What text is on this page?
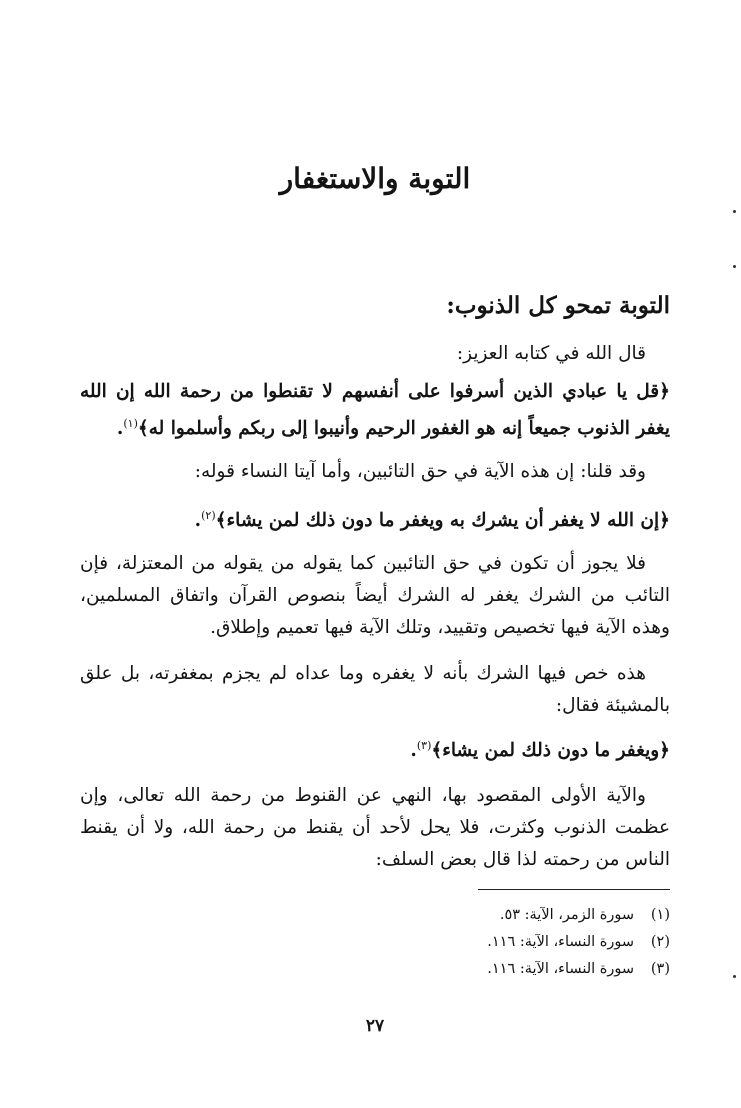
التوبة والاستغفار
التوبة تمحو كل الذنوب:

قال الله في كتابه العزيز:

﴿قل يا عبادي الذين أسرفوا على أنفسهم لا تقنطوا من رحمة الله إن الله يغفر الذنوب جميعاً إنه هو الغفور الرحيم وأنيبوا إلى ربكم وأسلموا له﴾$^{(١)}$.

وقد قلنا: إن هذه الآية في حق التائبين، وأما آيتا النساء قوله:

﴿إن الله لا يغفر أن يشرك به ويغفر ما دون ذلك لمن يشاء﴾$^{(٢)}$.

فلا يجوز أن تكون في حق التائبين كما يقوله من يقوله من المعتزلة، فإن التائب من الشرك يغفر له الشرك أيضاً بنصوص القرآن واتفاق المسلمين، وهذه الآية فيها تخصيص وتقييد، وتلك الآية فيها تعميم وإطلاق.

هذه خص فيها الشرك بأنه لا يغفره وما عداه لم يجزم بمغفرته، بل علق بالمشيئة فقال:

﴿ويغفر ما دون ذلك لمن يشاء﴾$^{(٣)}$.

والآية الأولى المقصود بها، النهي عن القنوط من رحمة الله تعالى، وإن عظمت الذنوب وكثرت، فلا يحل لأحد أن يقنط من رحمة الله، ولا أن يقنط الناس من رحمته لذا قال بعض السلف:

(١)
سورة الزمر، الآية: ٥٣.
(٢)
سورة النساء، الآية: ١١٦.
(٣)
سورة النساء، الآية: ١١٦.

٢٧
